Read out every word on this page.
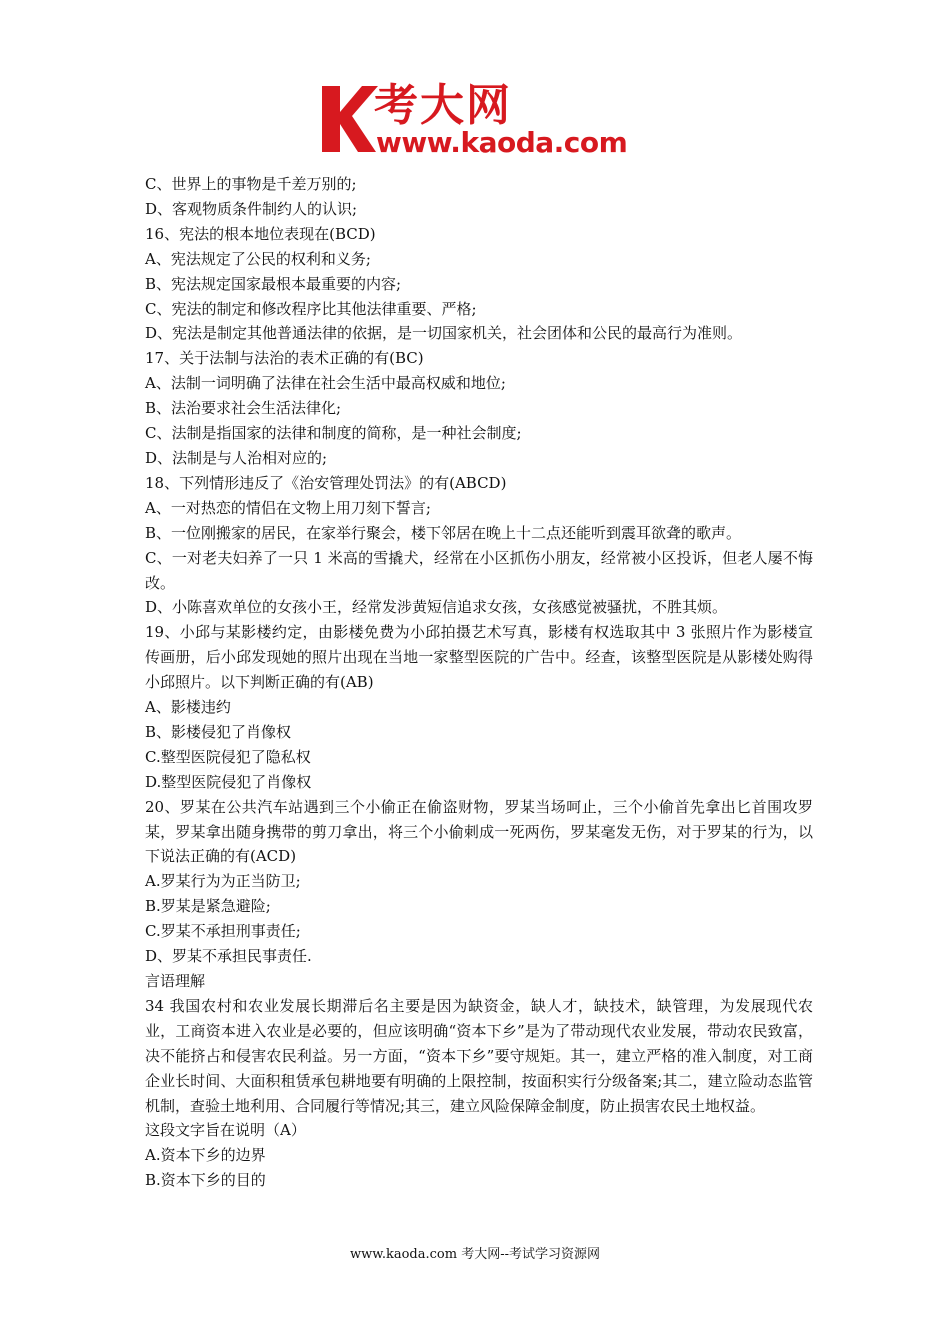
考大网
www.kaoda.com
C、世界上的事物是千差万别的;
D、客观物质条件制约人的认识;
16、宪法的根本地位表现在(BCD)
A、宪法规定了公民的权利和义务;
B、宪法规定国家最根本最重要的内容;
C、宪法的制定和修改程序比其他法律重要、严格;
D、宪法是制定其他普通法律的依据，是一切国家机关，社会团体和公民的最高行为准则。
17、关于法制与法治的表术正确的有(BC)
A、法制一词明确了法律在社会生活中最高权威和地位;
B、法治要求社会生活法律化;
C、法制是指国家的法律和制度的简称，是一种社会制度;
D、法制是与人治相对应的;
18、下列情形违反了《治安管理处罚法》的有(ABCD)
A、一对热恋的情侣在文物上用刀刻下誓言;
B、一位刚搬家的居民，在家举行聚会，楼下邻居在晚上十二点还能听到震耳欲聋的歌声。
C、一对老夫妇养了一只 1 米高的雪撬犬，经常在小区抓伤小朋友，经常被小区投诉，但老人屡不悔改。
D、小陈喜欢单位的女孩小王，经常发涉黄短信追求女孩，女孩感觉被骚扰，不胜其烦。
19、小邱与某影楼约定，由影楼免费为小邱拍摄艺术写真，影楼有权选取其中 3 张照片作为影楼宣传画册，后小邱发现她的照片出现在当地一家整型医院的广告中。经查，该整型医院是从影楼处购得小邱照片。以下判断正确的有(AB)
A、影楼违约
B、影楼侵犯了肖像权
C.整型医院侵犯了隐私权
D.整型医院侵犯了肖像权
20、罗某在公共汽车站遇到三个小偷正在偷盗财物，罗某当场呵止，三个小偷首先拿出匕首围攻罗某，罗某拿出随身携带的剪刀拿出，将三个小偷刺成一死两伤，罗某毫发无伤，对于罗某的行为，以下说法正确的有(ACD)
A.罗某行为为正当防卫;
B.罗某是紧急避险;
C.罗某不承担刑事责任;
D、罗某不承担民事责任.
言语理解
34 我国农村和农业发展长期滞后名主要是因为缺资金，缺人才，缺技术，缺管理，为发展现代农业，工商资本进入农业是必要的，但应该明确“资本下乡”是为了带动现代农业发展，带动农民致富，决不能挤占和侵害农民利益。另一方面，“资本下乡”要守规矩。其一，建立严格的准入制度，对工商企业长时间、大面积租赁承包耕地要有明确的上限控制，按面积实行分级备案;其二，建立险动态监管机制，查验土地利用、合同履行等情况;其三，建立风险保障金制度，防止损害农民土地权益。
这段文字旨在说明（A）
A.资本下乡的边界
B.资本下乡的目的
www.kaoda.com 考大网--考试学习资源网
